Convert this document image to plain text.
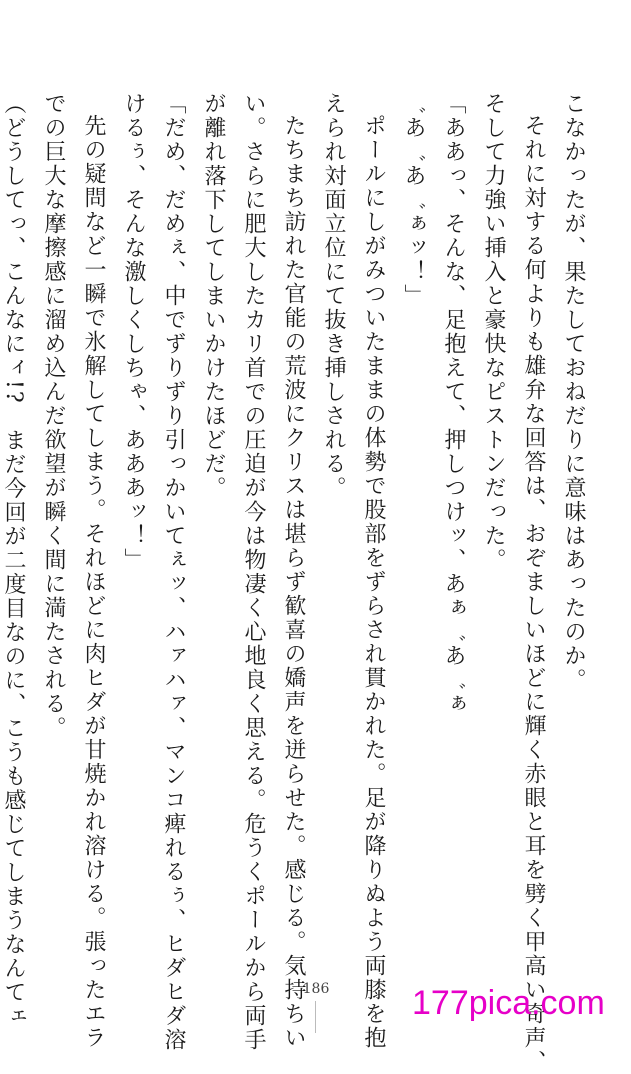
こなかったが、果たしておねだりに意味はあったのか。
それに対する何よりも雄弁な回答は、おぞましいほどに輝く赤眼と耳を劈く甲高い奇声、
そして力強い挿入と豪快なピストンだった。
「ああっ、そんな、足抱えて、押しつけッ、あぁ゛あ゛ぁ
゛あ゛あ゛ぁッ！」
ポールにしがみついたままの体勢で股部をずらされ貫かれた。足が降りぬよう両膝を抱
えられ対面立位にて抜き挿しされる。
たちまち訪れた官能の荒波にクリスは堪らず歓喜の嬌声を迸らせた。感じる。気持ちい
い。さらに肥大したカリ首での圧迫が今は物凄く心地良く思える。危うくポールから両手
が離れ落下してしまいかけたほどだ。
「だめ、だめぇ、中でずりずり引っかいてぇッ、ハァハァ、マンコ痺れるぅ、ヒダヒダ溶
けるぅ、そんな激しくしちゃ、あああッ！」
先の疑問など一瞬で氷解してしまう。それほどに肉ヒダが甘焼かれ溶ける。張ったエラ
での巨大な摩擦感に溜め込んだ欲望が瞬く間に満たされる。
（どうしてっ、こんなにィ!?　まだ今回が二度目なのに、こうも感じてしまうなんてェ	186 177pica.com
